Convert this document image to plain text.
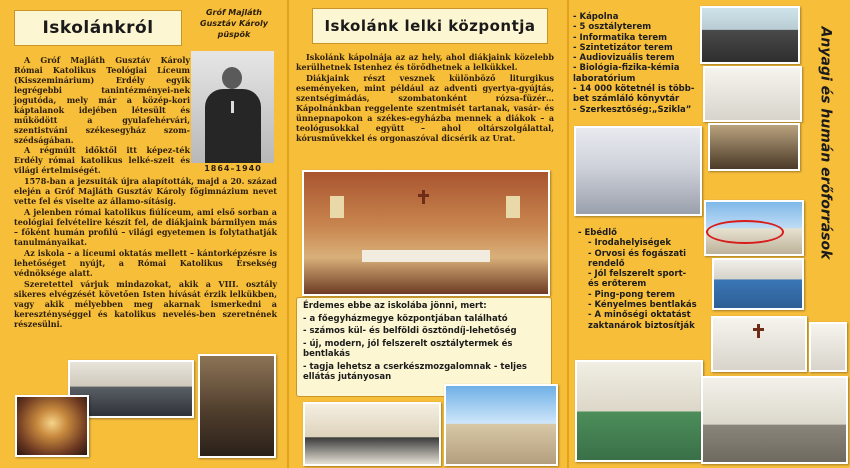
Iskolánkról
Gróf Majláth
Gusztáv Károly
püspök
1864–1940

A Gróf Majláth Gusztáv Károly Római Katolikus Teológiai Líceum (Kisszeminárium) Erdély egyik legrégebbi tanintézményei-nek jogutóda, mely már a közép-kori káptalanok idejében létesült és működött a gyulafehérvári, szentistváni székesegyház szom-szédságában.

A régmúlt időktől itt képez-ték Erdély római katolikus lelké-szeit és világi értelmiségét.

1578-ban a jezsuiták újra alapították, majd a 20. század elején a Gróf Majláth Gusztáv Károly főgimnázium nevet vette fel és viselte az államo-sításig.

A jelenben római katolikus fiúlíceum, ami első sorban a teológiai felvételire készít fel, de diákjaink bármilyen más – főként humán profilú – világi egyetemen is folytathatják tanulmányaikat.

Az iskola – a líceumi oktatás mellett – kántorképzésre is lehetőséget nyújt, a Római Katolikus Érsekség védnöksége alatt.

Szeretettel várjuk mindazokat, akik a VIII. osztály sikeres elvégzését követően Isten hívását érzik lelkükben, vagy akik mélyebben meg akarnak ismerkedni a kereszténységgel és katolikus nevelés-ben szeretnének részesülni.

Iskolánk lelki központja

Iskolánk kápolnája az az hely, ahol diákjaink közelebb kerülhetnek Istenhez és törődhetnek a lelkükkel.

Diákjaink részt vesznek különböző liturgikus eseményeken, mint például az adventi gyertya-gyújtás, szentségimádás, szombatonként rózsa-füzér… Kápolnánkban reggelente szentmisét tartanak, vasár- és ünnepnapokon a székes-egyházba mennek a diákok – a teológusokkal együtt – ahol oltárszolgálattal, kórusművekkel és orgonaszóval dicsérik az Urat.

Érdemes ebbe az iskolába jönni, mert:
- a főegyházmegye központjában található
- számos kül- és belföldi ösztöndíj-lehetőség
- új, modern, jól felszerelt osztálytermek és bentlakás
- tagja lehetsz a cserkészmozgalomnak - teljes ellátás jutányosan
- Kápolna
- 5 osztályterem
- Informatika terem
- Szintetizátor terem
- Audiovizuális terem
- Biológia-fizika-kémia
laboratórium
- 14 000 kötetnél is több-
bet számláló könyvtár
- Szerkesztőség:„Szikla”	Anyagi és humán erőforrások
- Ebédlő
- Irodahelyiségek
- Orvosi és fogászati
rendelő
- Jól felszerelt sport-
és erőterem
- Ping-pong terem
- Kényelmes bentlakás
- A minőségi oktatást
zaktanárok biztosítják
